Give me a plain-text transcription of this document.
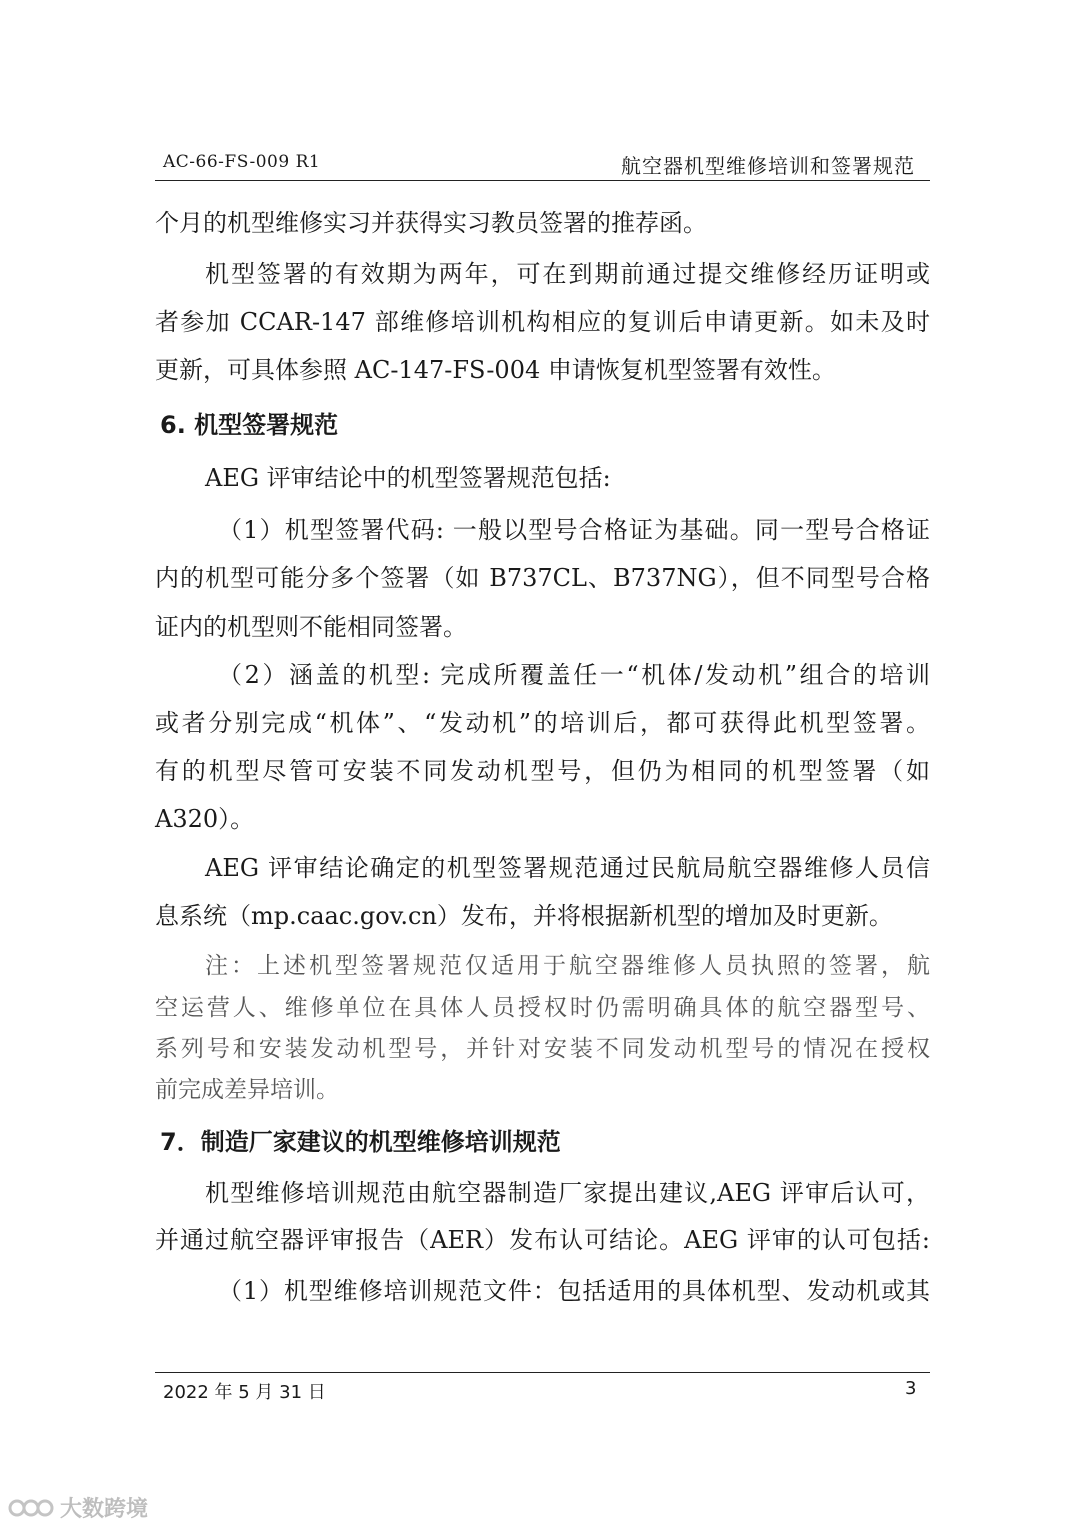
AC-66-FS-009 R1	航空器机型维修培训和签署规范
个月的机型维修实习并获得实习教员签署的推荐函。
机型签署的有效期为两年，可在到期前通过提交维修经历证明或
者参加 CCAR-147 部维修培训机构相应的复训后申请更新。如未及时
更新，可具体参照 AC-147-FS-004 申请恢复机型签署有效性。
6. 机型签署规范
AEG 评审结论中的机型签署规范包括:
（1）机型签署代码: 一般以型号合格证为基础。同一型号合格证
内的机型可能分多个签署（如 B737CL、B737NG），但不同型号合格
证内的机型则不能相同签署。
（2）涵盖的机型: 完成所覆盖任一“机体/发动机”组合的培训
或者分别完成“机体”、“发动机”的培训后，都可获得此机型签署。
有的机型尽管可安装不同发动机型号，但仍为相同的机型签署（如
A320）。
AEG 评审结论确定的机型签署规范通过民航局航空器维修人员信
息系统（mp.caac.gov.cn）发布，并将根据新机型的增加及时更新。
注：上述机型签署规范仅适用于航空器维修人员执照的签署，航
空运营人、维修单位在具体人员授权时仍需明确具体的航空器型号、
系列号和安装发动机型号，并针对安装不同发动机型号的情况在授权
前完成差异培训。
7．制造厂家建议的机型维修培训规范
机型维修培训规范由航空器制造厂家提出建议,AEG 评审后认可，
并通过航空器评审报告（AER）发布认可结论。AEG 评审的认可包括:
（1）机型维修培训规范文件：包括适用的具体机型、发动机或其
2022 年 5 月 31 日	3
大数跨境
